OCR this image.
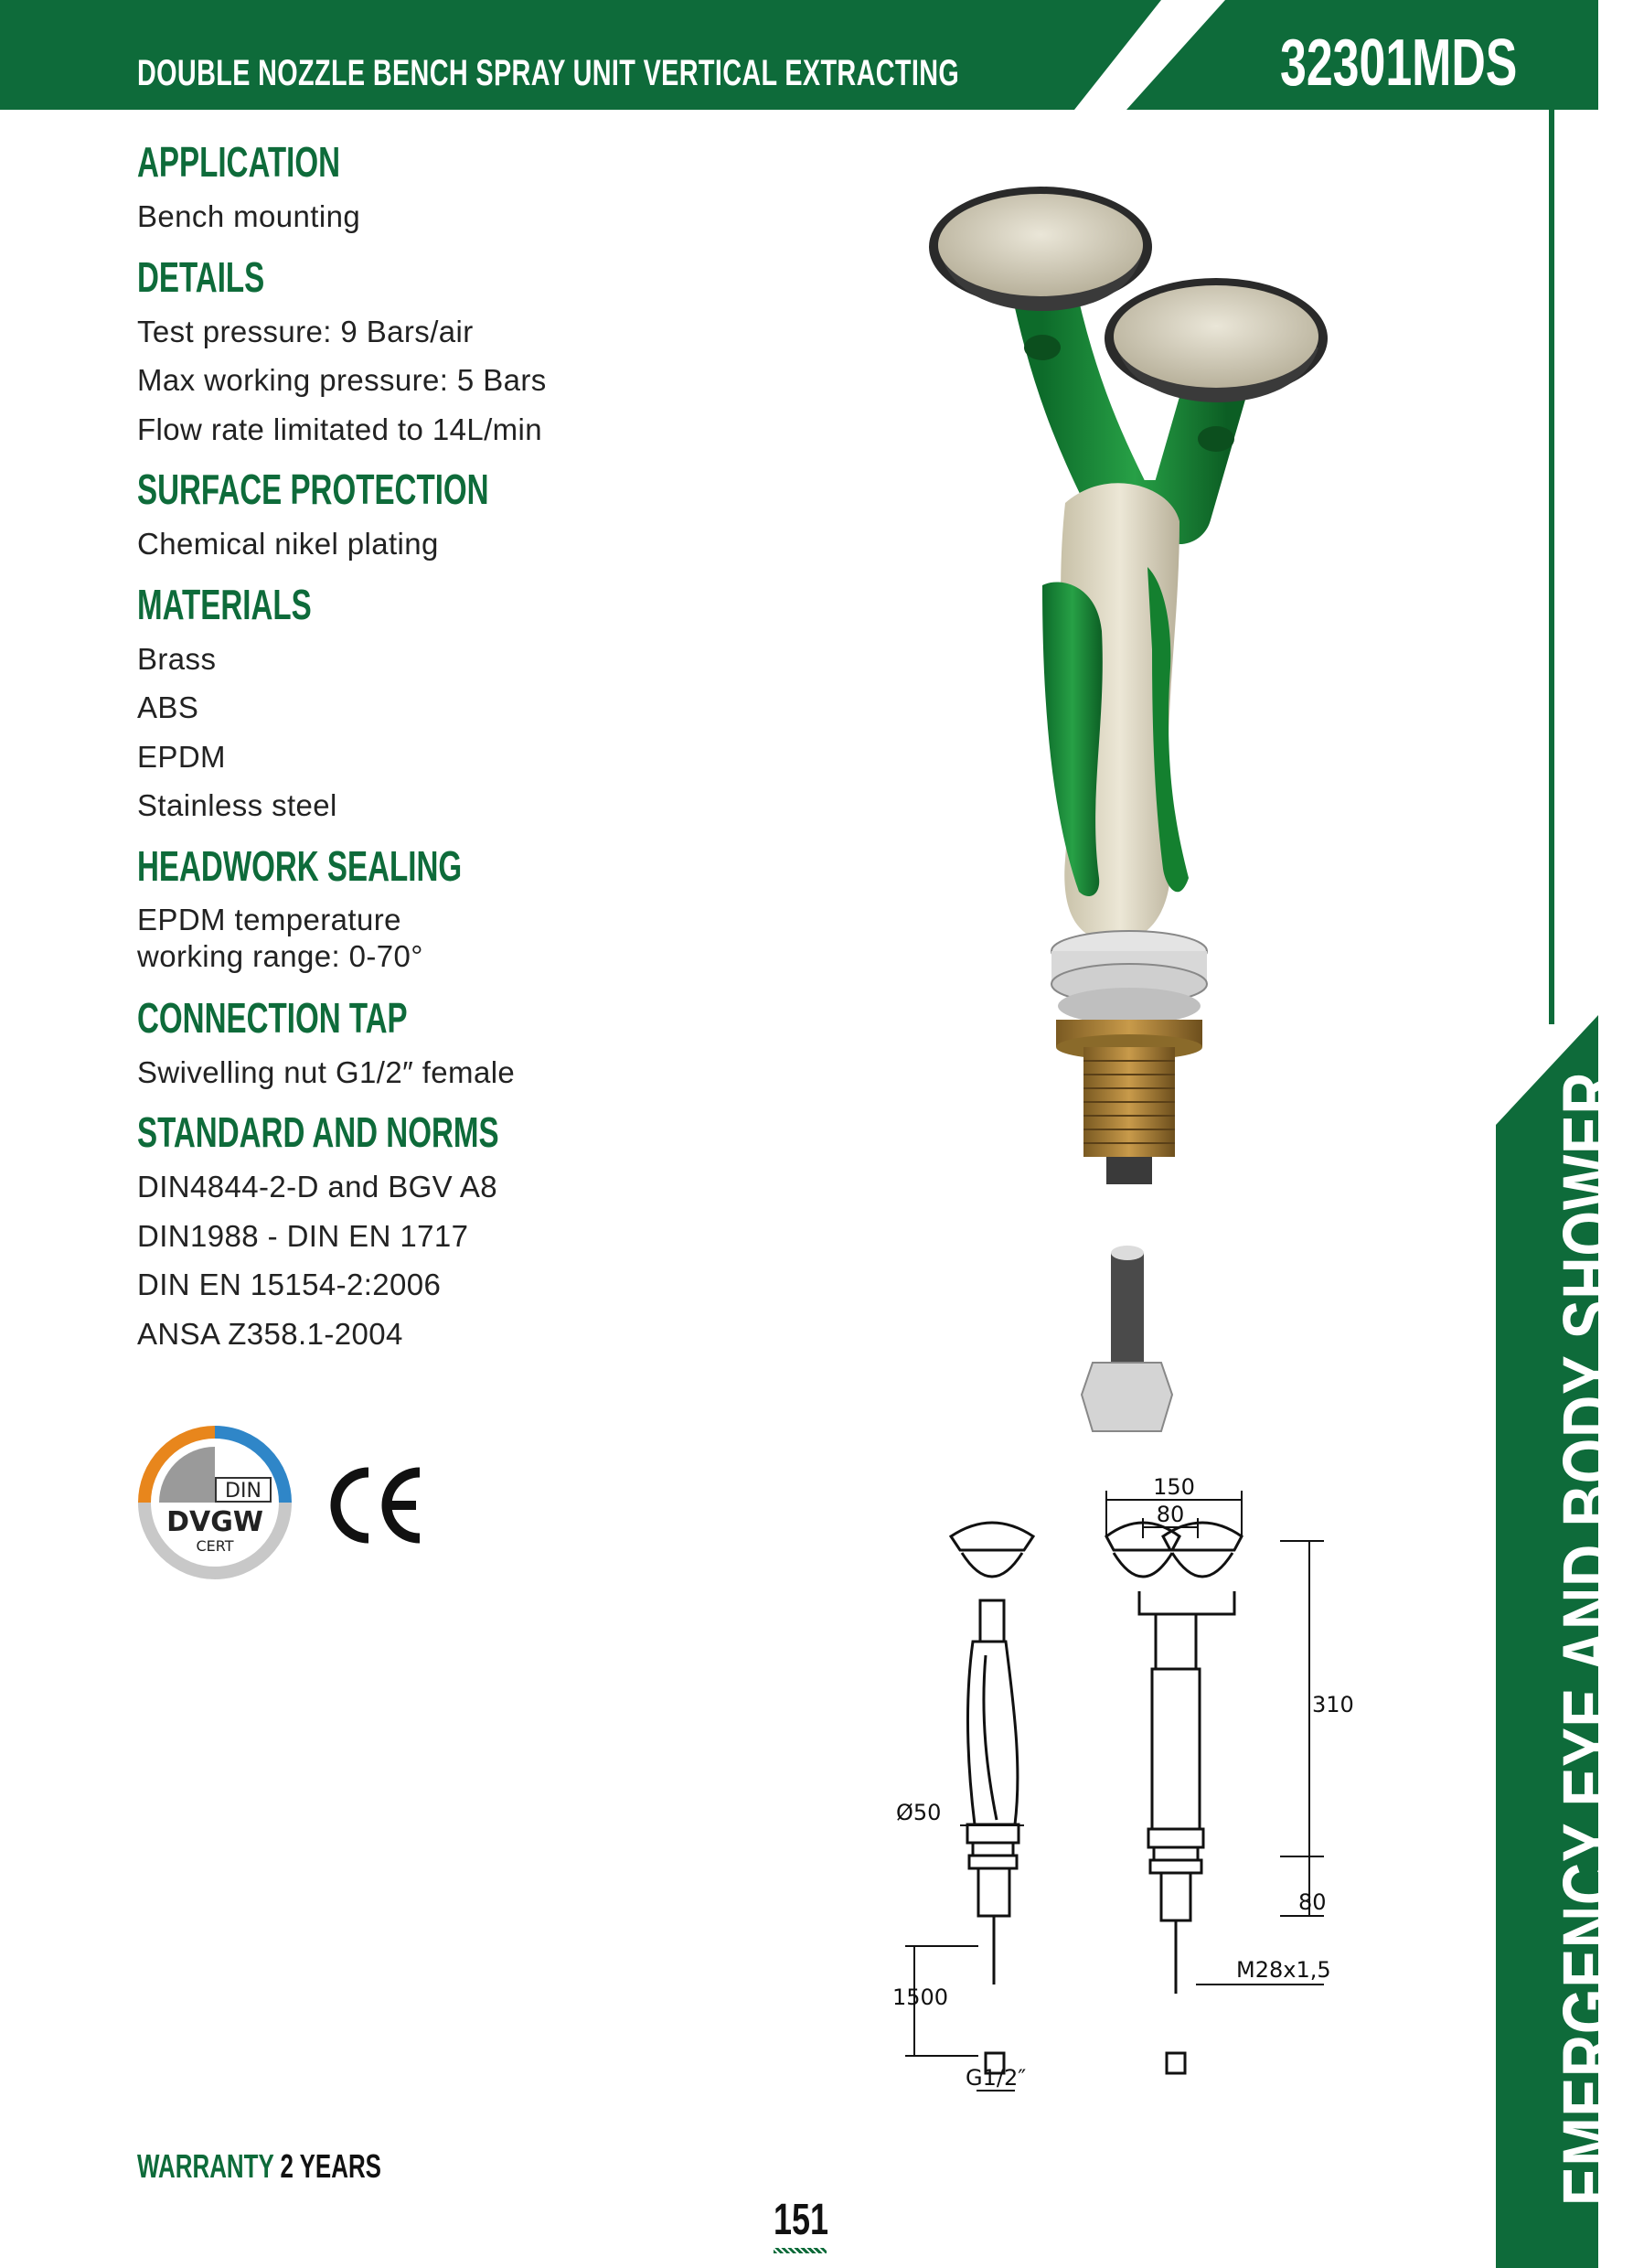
DOUBLE NOZZLE BENCH SPRAY UNIT VERTICAL EXTRACTING	32301MDS
EMERGENCY EYE AND BODY SHOWER
APPLICATION
Bench mounting
DETAILS
Test pressure: 9 Bars/air
Max working pressure: 5 Bars
Flow rate limitated to 14L/min
SURFACE PROTECTION
Chemical nikel plating
MATERIALS
Brass
ABS
EPDM
Stainless steel
HEADWORK SEALING
EPDM temperature
working range: 0-70°
CONNECTION TAP
Swivelling nut G1/2″ female
STANDARD AND NORMS
DIN4844-2-D and BGV A8
DIN1988 - DIN EN 1717
DIN EN 15154-2:2006
ANSA Z358.1-2004
DIN
DVGW
CERT
150
80
310
80
Ø50
1500
M28x1,5
G1/2″
WARRANTY 2 YEARS
151
